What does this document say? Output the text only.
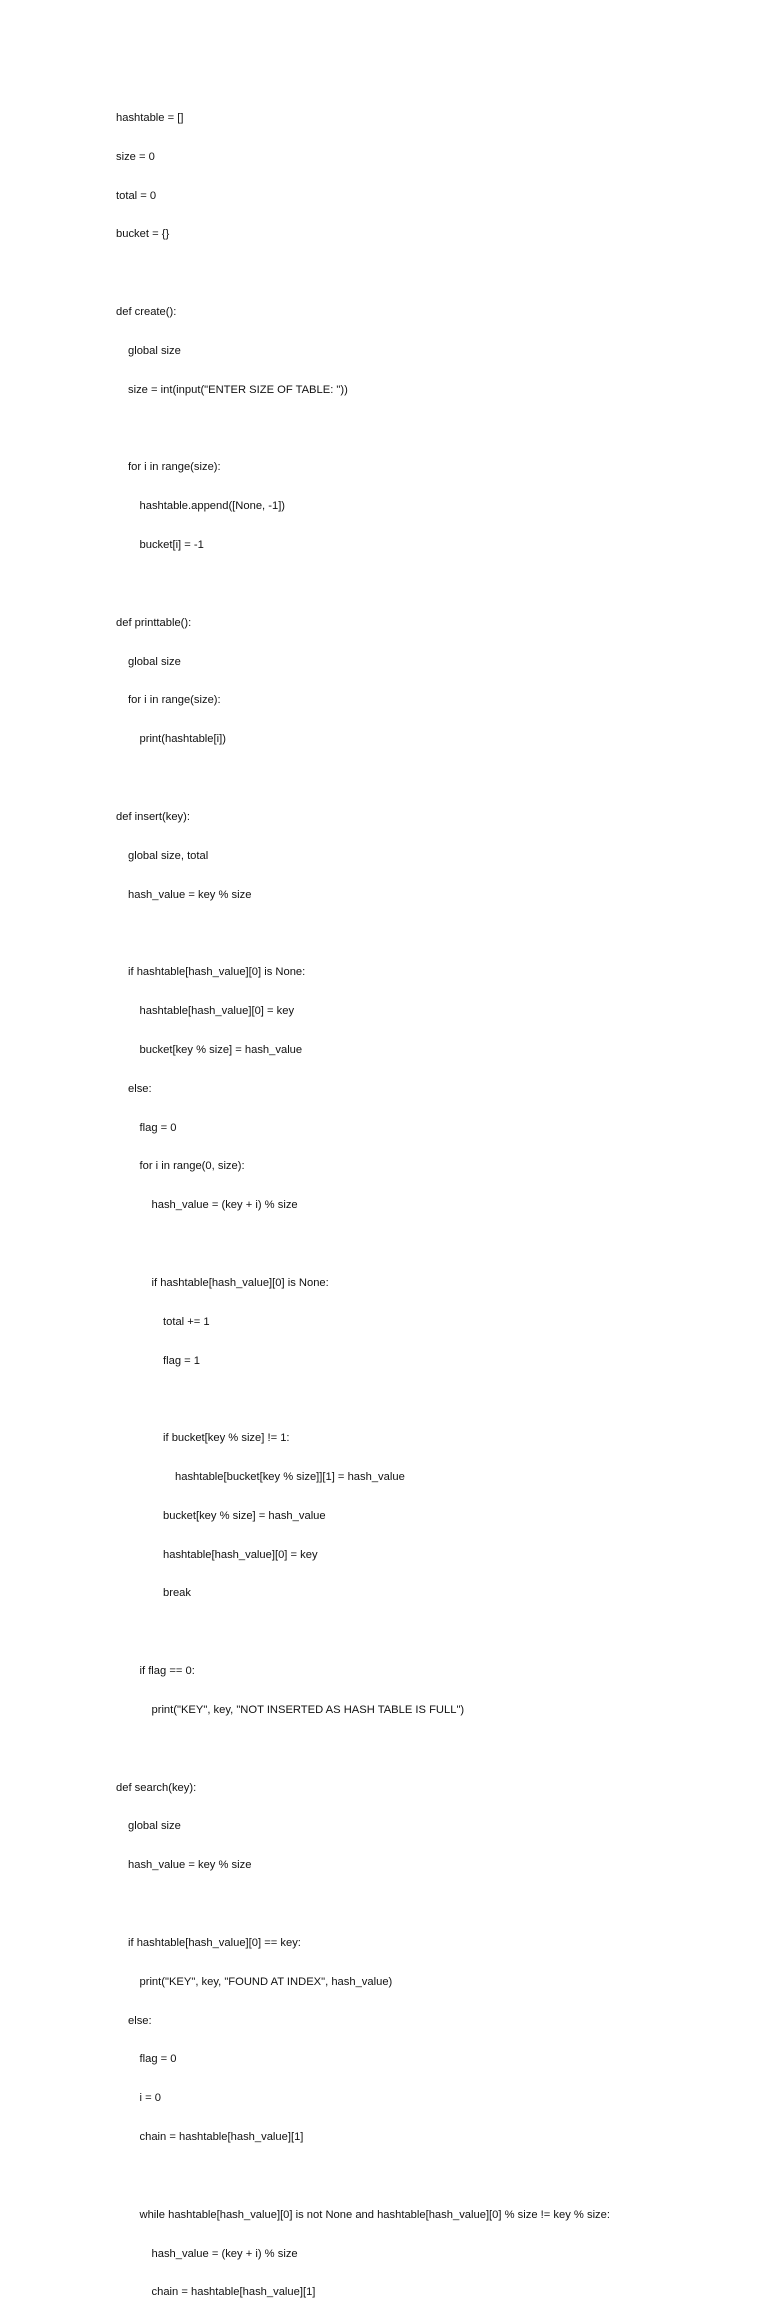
hashtable = []

size = 0

total = 0

bucket = {}

def create():

global size

size = int(input("ENTER SIZE OF TABLE: "))

for i in range(size):

hashtable.append([None, -1])

bucket[i] = -1

def printtable():

global size

for i in range(size):

print(hashtable[i])

def insert(key):

global size, total

hash_value = key % size

if hashtable[hash_value][0] is None:

hashtable[hash_value][0] = key

bucket[key % size] = hash_value

else:

flag = 0

for i in range(0, size):

hash_value = (key + i) % size

if hashtable[hash_value][0] is None:

total += 1

flag = 1

if bucket[key % size] != 1:

hashtable[bucket[key % size]][1] = hash_value

bucket[key % size] = hash_value

hashtable[hash_value][0] = key

break

if flag == 0:

print("KEY", key, "NOT INSERTED AS HASH TABLE IS FULL")

def search(key):

global size

hash_value = key % size

if hashtable[hash_value][0] == key:

print("KEY", key, "FOUND AT INDEX", hash_value)

else:

flag = 0

i = 0

chain = hashtable[hash_value][1]

while hashtable[hash_value][0] is not None and hashtable[hash_value][0] % size != key % size:

hash_value = (key + i) % size

chain = hashtable[hash_value][1]
